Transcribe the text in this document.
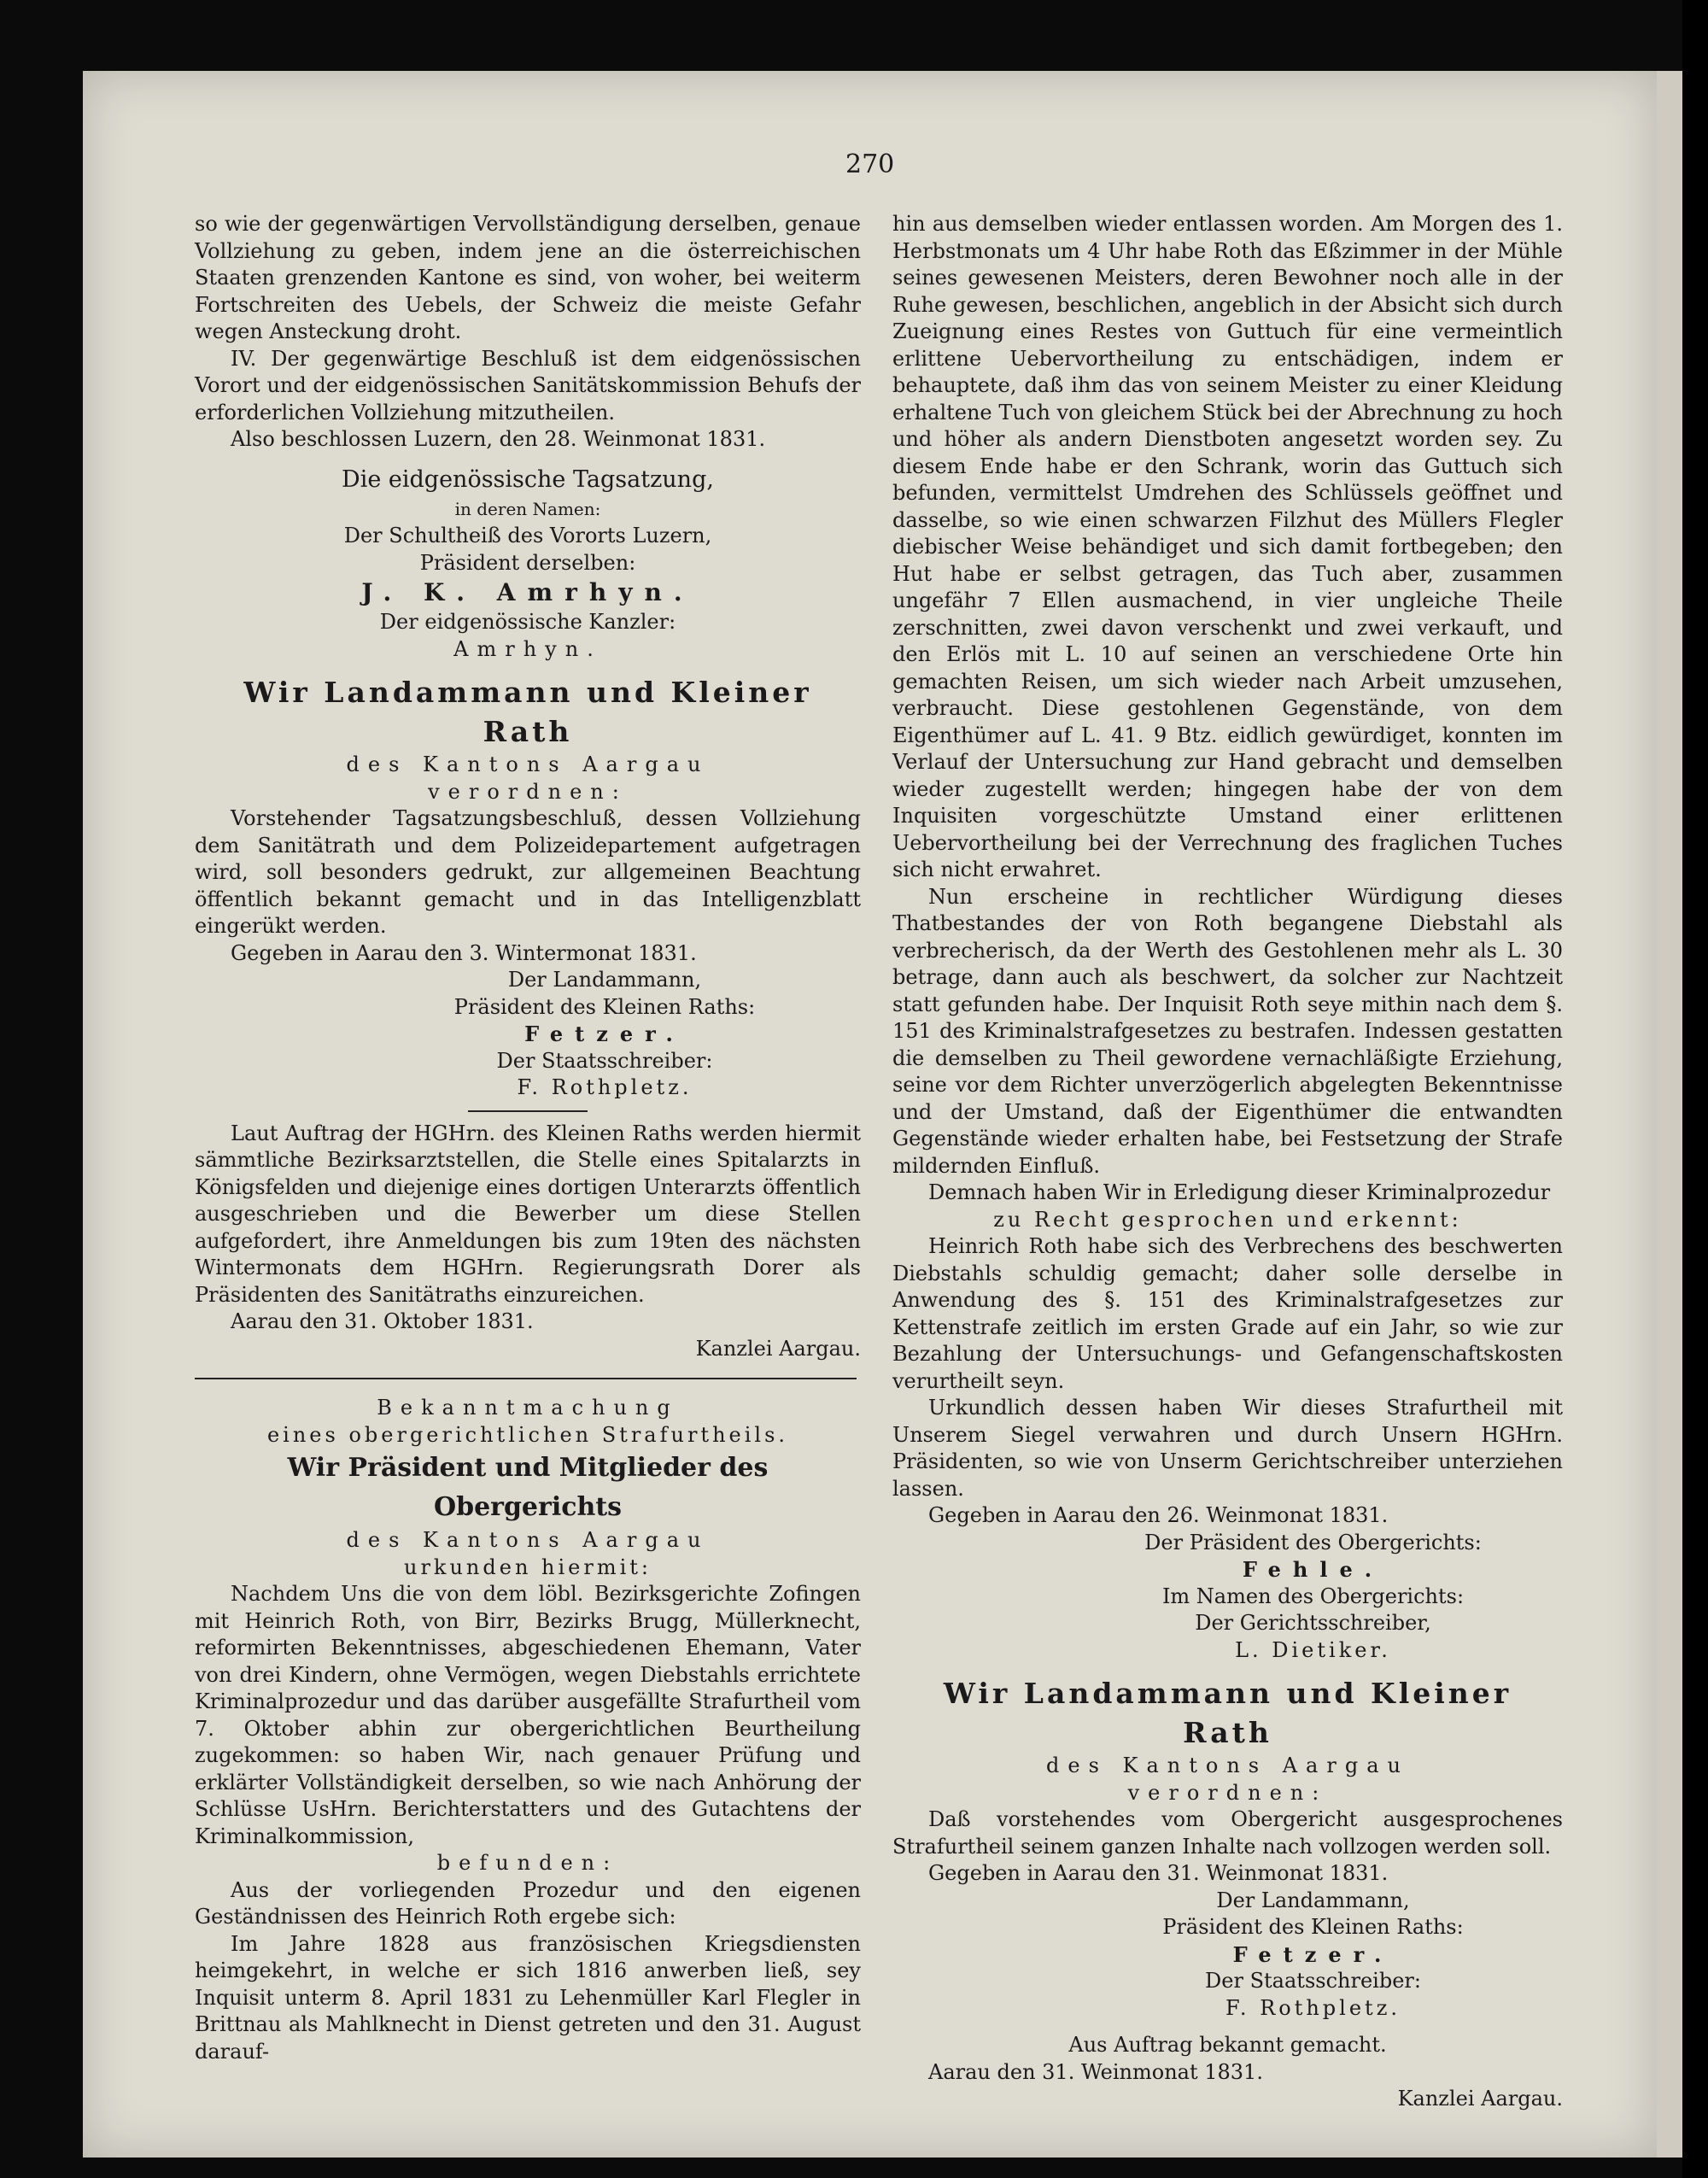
270

so wie der gegenwärtigen Vervollständigung derselben, genaue Vollziehung zu geben, indem jene an die österreichischen Staaten grenzenden Kantone es sind, von woher, bei weiterm Fortschreiten des Uebels, der Schweiz die meiste Gefahr wegen Ansteckung droht.

IV. Der gegenwärtige Beschluß ist dem eidgenössischen Vorort und der eidgenössischen Sanitätskommission Behufs der erforderlichen Vollziehung mitzutheilen.

Also beschlossen Luzern, den 28. Weinmonat 1831.

Die eidgenössische Tagsatzung,

in deren Namen:

Der Schultheiß des Vororts Luzern,

Präsident derselben:

J. K. Amrhyn.

Der eidgenössische Kanzler:

Amrhyn.

Wir Landammann und Kleiner Rath

des Kantons Aargau

verordnen:

Vorstehender Tagsatzungsbeschluß, dessen Vollziehung dem Sanitätrath und dem Polizeidepartement aufgetragen wird, soll besonders gedrukt, zur allgemeinen Beachtung öffentlich bekannt gemacht und in das Intelligenzblatt eingerükt werden.

Gegeben in Aarau den 3. Wintermonat 1831.

Der Landammann,

Präsident des Kleinen Raths:

Fetzer.

Der Staatsschreiber:

F. Rothpletz.

Laut Auftrag der HGHrn. des Kleinen Raths werden hiermit sämmtliche Bezirksarztstellen, die Stelle eines Spitalarzts in Königsfelden und diejenige eines dortigen Unterarzts öffentlich ausgeschrieben und die Bewerber um diese Stellen aufgefordert, ihre Anmeldungen bis zum 19ten des nächsten Wintermonats dem HGHrn. Regierungsrath Dorer als Präsidenten des Sanitätraths einzureichen.

Aarau den 31. Oktober 1831.

Kanzlei Aargau.

Bekanntmachung

eines obergerichtlichen Strafurtheils.

Wir Präsident und Mitglieder des Obergerichts

des Kantons Aargau

urkunden hiermit:

Nachdem Uns die von dem löbl. Bezirksgerichte Zofingen mit Heinrich Roth, von Birr, Bezirks Brugg, Müllerknecht, reformirten Bekenntnisses, abgeschiedenen Ehemann, Vater von drei Kindern, ohne Vermögen, wegen Diebstahls errichtete Kriminalprozedur und das darüber ausgefällte Strafurtheil vom 7. Oktober abhin zur obergerichtlichen Beurtheilung zugekommen: so haben Wir, nach genauer Prüfung und erklärter Vollständigkeit derselben, so wie nach Anhörung der Schlüsse UsHrn. Berichterstatters und des Gutachtens der Kriminalkommission,

befunden:

Aus der vorliegenden Prozedur und den eigenen Geständnissen des Heinrich Roth ergebe sich:

Im Jahre 1828 aus französischen Kriegsdiensten heimgekehrt, in welche er sich 1816 anwerben ließ, sey Inquisit unterm 8. April 1831 zu Lehenmüller Karl Flegler in Brittnau als Mahlknecht in Dienst getreten und den 31. August darauf-

hin aus demselben wieder entlassen worden. Am Morgen des 1. Herbstmonats um 4 Uhr habe Roth das Eßzimmer in der Mühle seines gewesenen Meisters, deren Bewohner noch alle in der Ruhe gewesen, beschlichen, angeblich in der Absicht sich durch Zueignung eines Restes von Guttuch für eine vermeintlich erlittene Uebervortheilung zu entschädigen, indem er behauptete, daß ihm das von seinem Meister zu einer Kleidung erhaltene Tuch von gleichem Stück bei der Abrechnung zu hoch und höher als andern Dienstboten angesetzt worden sey. Zu diesem Ende habe er den Schrank, worin das Guttuch sich befunden, vermittelst Umdrehen des Schlüssels geöffnet und dasselbe, so wie einen schwarzen Filzhut des Müllers Flegler diebischer Weise behändiget und sich damit fortbegeben; den Hut habe er selbst getragen, das Tuch aber, zusammen ungefähr 7 Ellen ausmachend, in vier ungleiche Theile zerschnitten, zwei davon verschenkt und zwei verkauft, und den Erlös mit L. 10 auf seinen an verschiedene Orte hin gemachten Reisen, um sich wieder nach Arbeit umzusehen, verbraucht. Diese gestohlenen Gegenstände, von dem Eigenthümer auf L. 41. 9 Btz. eidlich gewürdiget, konnten im Verlauf der Untersuchung zur Hand gebracht und demselben wieder zugestellt werden; hingegen habe der von dem Inquisiten vorgeschützte Umstand einer erlittenen Uebervortheilung bei der Verrechnung des fraglichen Tuches sich nicht erwahret.

Nun erscheine in rechtlicher Würdigung dieses Thatbestandes der von Roth begangene Diebstahl als verbrecherisch, da der Werth des Gestohlenen mehr als L. 30 betrage, dann auch als beschwert, da solcher zur Nachtzeit statt gefunden habe. Der Inquisit Roth seye mithin nach dem §. 151 des Kriminalstrafgesetzes zu bestrafen. Indessen gestatten die demselben zu Theil gewordene vernachläßigte Erziehung, seine vor dem Richter unverzögerlich abgelegten Bekenntnisse und der Umstand, daß der Eigenthümer die entwandten Gegenstände wieder erhalten habe, bei Festsetzung der Strafe mildernden Einfluß.

Demnach haben Wir in Erledigung dieser Kriminalprozedur

zu Recht gesprochen und erkennt:

Heinrich Roth habe sich des Verbrechens des beschwerten Diebstahls schuldig gemacht; daher solle derselbe in Anwendung des §. 151 des Kriminalstrafgesetzes zur Kettenstrafe zeitlich im ersten Grade auf ein Jahr, so wie zur Bezahlung der Untersuchungs- und Gefangenschaftskosten verurtheilt seyn.

Urkundlich dessen haben Wir dieses Strafurtheil mit Unserem Siegel verwahren und durch Unsern HGHrn. Präsidenten, so wie von Unserm Gerichtschreiber unterziehen lassen.

Gegeben in Aarau den 26. Weinmonat 1831.

Der Präsident des Obergerichts:

Fehle.

Im Namen des Obergerichts:

Der Gerichtsschreiber,

L. Dietiker.

Wir Landammann und Kleiner Rath

des Kantons Aargau

verordnen:

Daß vorstehendes vom Obergericht ausgesprochenes Strafurtheil seinem ganzen Inhalte nach vollzogen werden soll.

Gegeben in Aarau den 31. Weinmonat 1831.

Der Landammann,

Präsident des Kleinen Raths:

Fetzer.

Der Staatsschreiber:

F. Rothpletz.

Aus Auftrag bekannt gemacht.

Aarau den 31. Weinmonat 1831.

Kanzlei Aargau.
